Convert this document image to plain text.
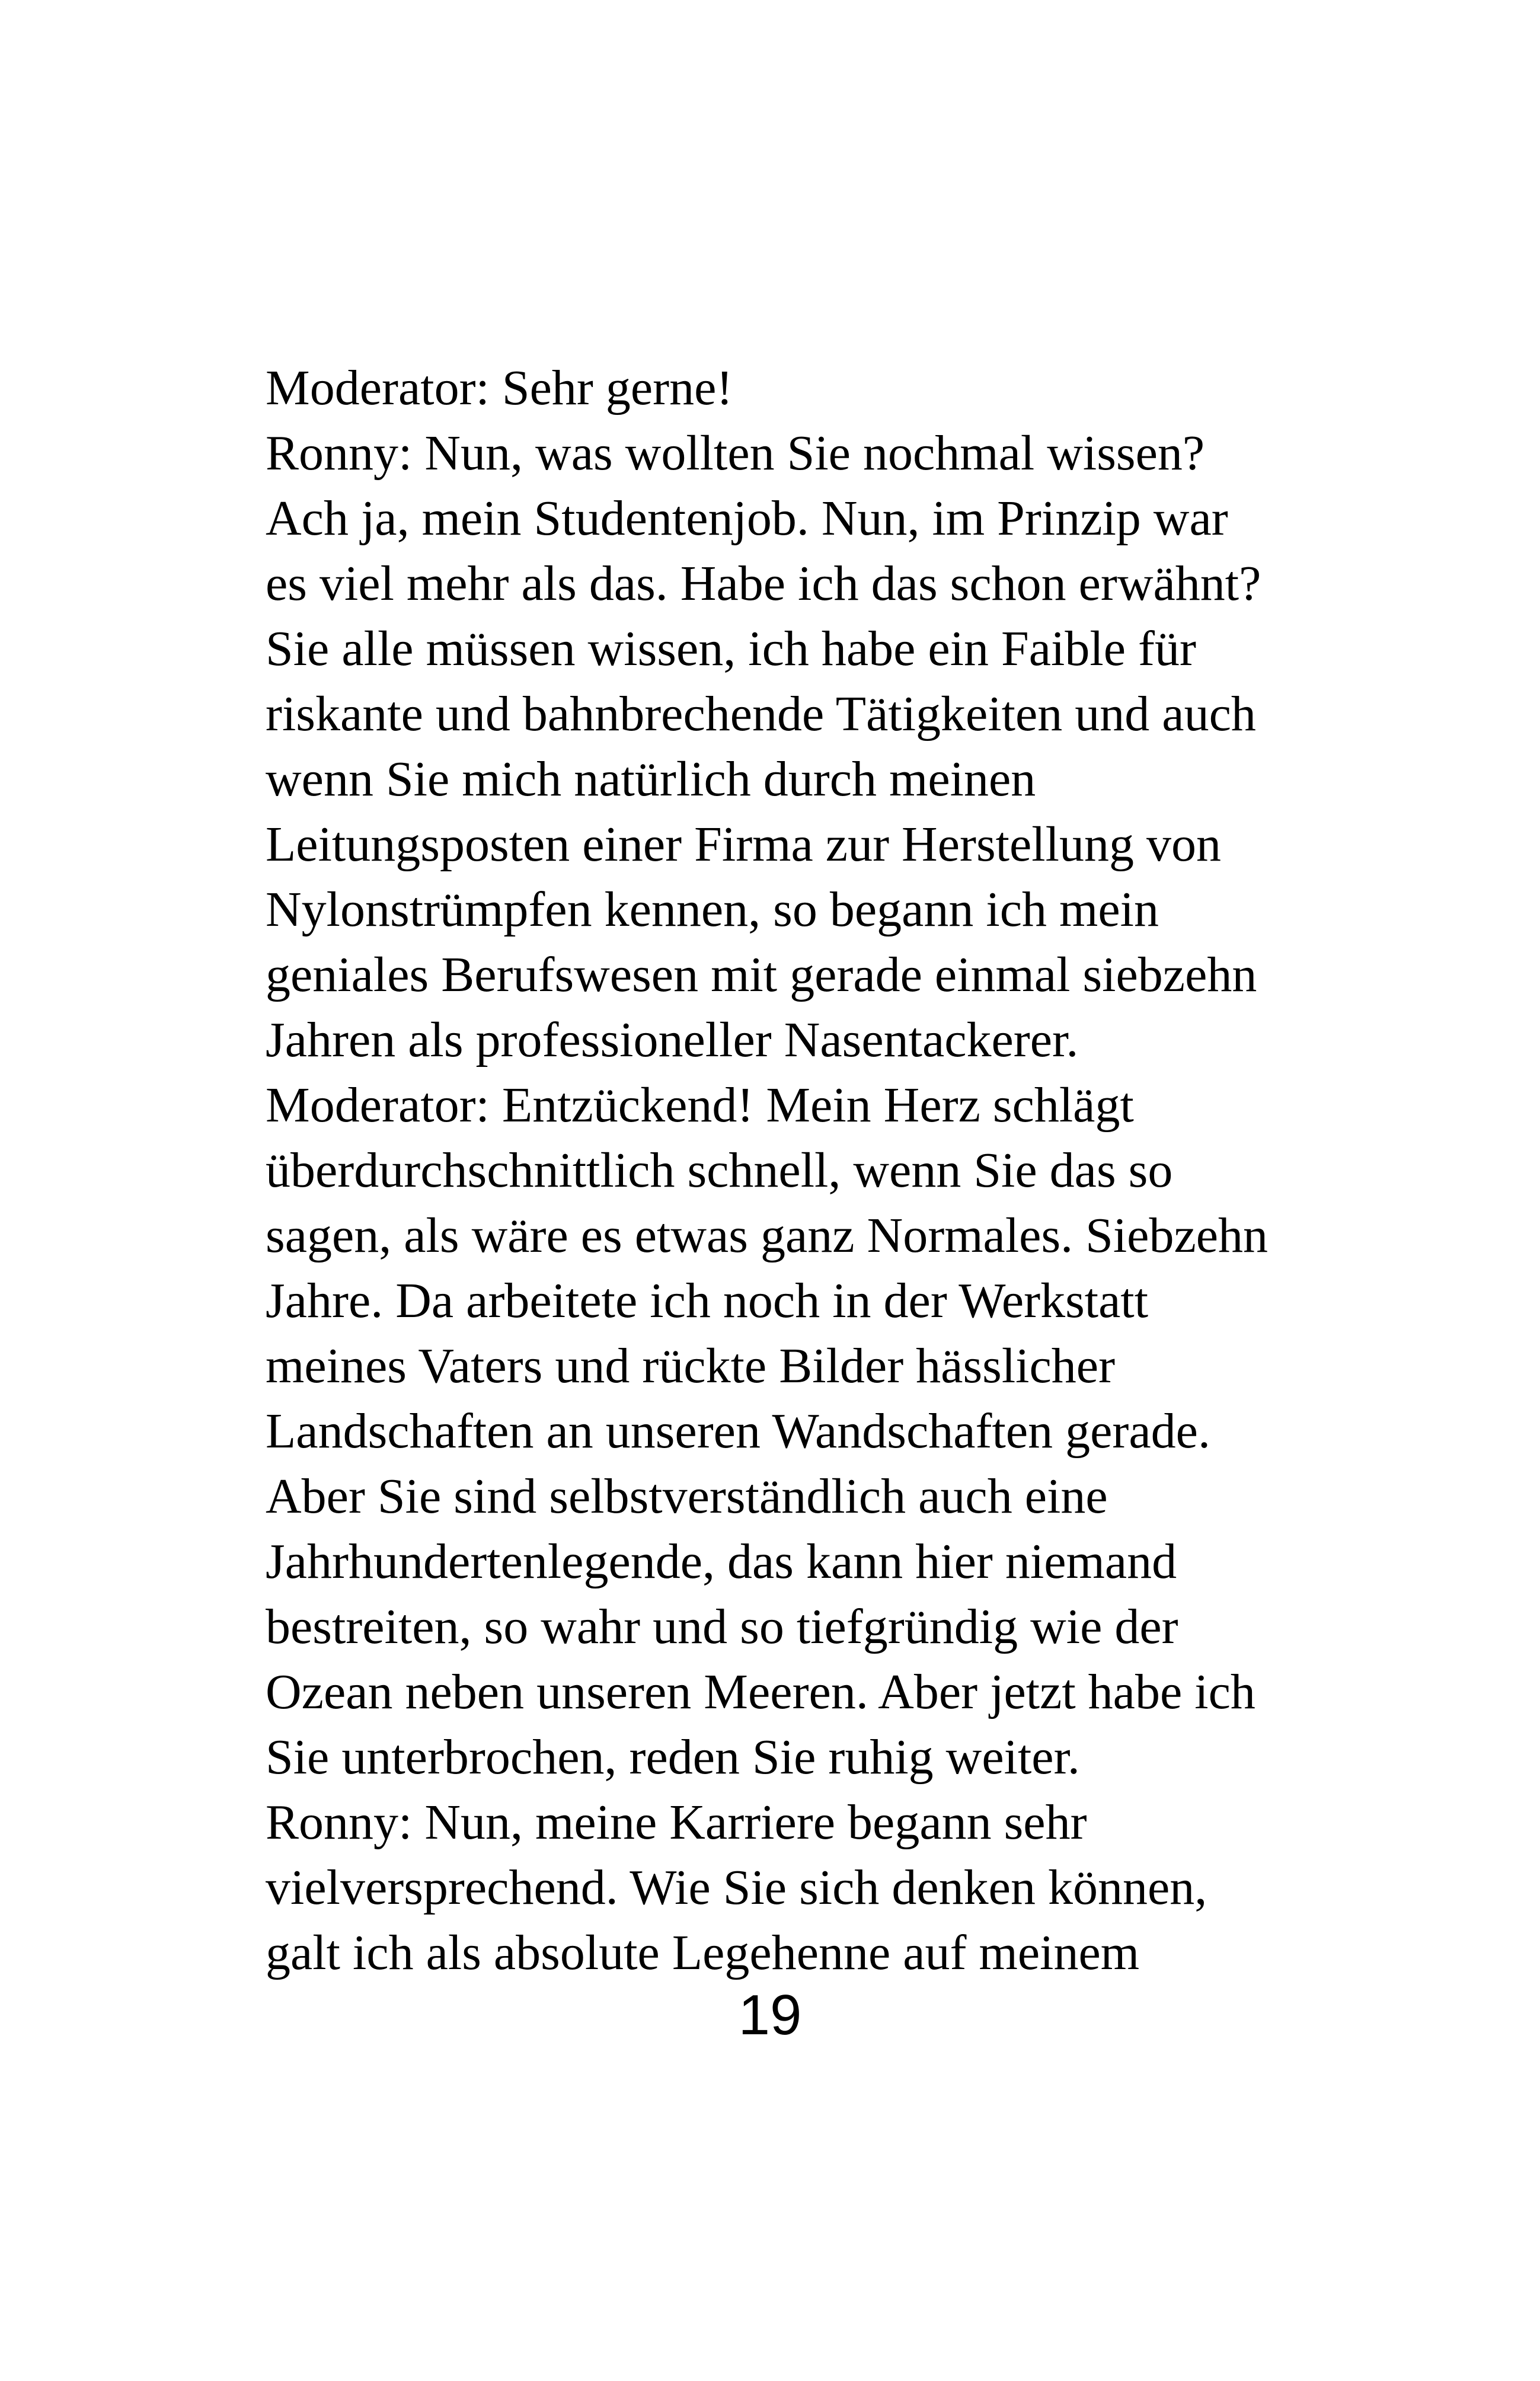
Moderator: Sehr gerne!
Ronny: Nun, was wollten Sie nochmal wissen?
Ach ja, mein Studentenjob. Nun, im Prinzip war
es viel mehr als das. Habe ich das schon erwähnt?
Sie alle müssen wissen, ich habe ein Faible für
riskante und bahnbrechende Tätigkeiten und auch
wenn Sie mich natürlich durch meinen
Leitungsposten einer Firma zur Herstellung von
Nylonstrümpfen kennen, so begann ich mein
geniales Berufswesen mit gerade einmal siebzehn
Jahren als professioneller Nasentackerer.
Moderator: Entzückend! Mein Herz schlägt
überdurchschnittlich schnell, wenn Sie das so
sagen, als wäre es etwas ganz Normales. Siebzehn
Jahre. Da arbeitete ich noch in der Werkstatt
meines Vaters und rückte Bilder hässlicher
Landschaften an unseren Wandschaften gerade.
Aber Sie sind selbstverständlich auch eine
Jahrhundertenlegende, das kann hier niemand
bestreiten, so wahr und so tiefgründig wie der
Ozean neben unseren Meeren. Aber jetzt habe ich
Sie unterbrochen, reden Sie ruhig weiter.
Ronny: Nun, meine Karriere begann sehr
vielversprechend. Wie Sie sich denken können,
galt ich als absolute Legehenne auf meinem
19
